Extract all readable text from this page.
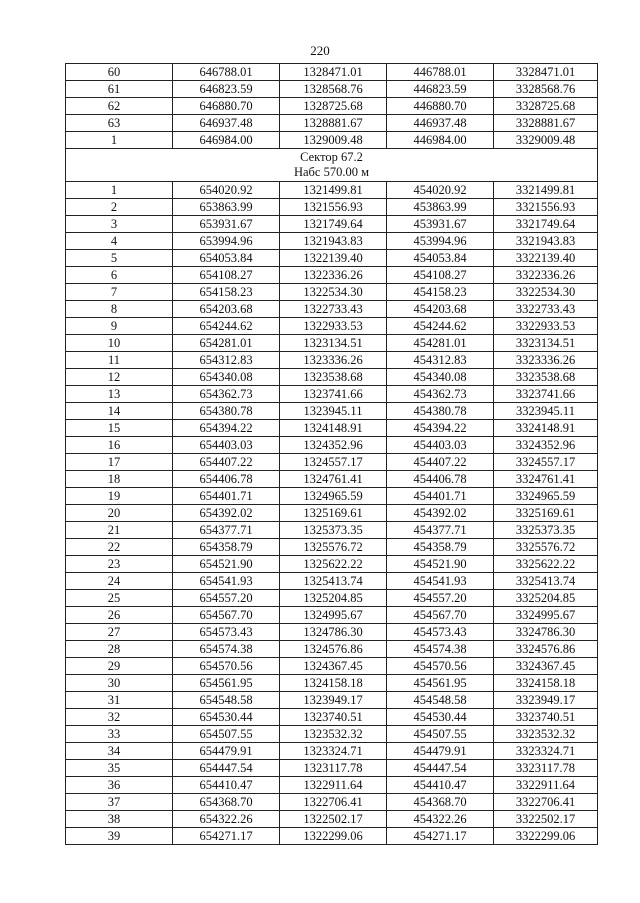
220
60	646788.01	1328471.01	446788.01	3328471.01
61	646823.59	1328568.76	446823.59	3328568.76
62	646880.70	1328725.68	446880.70	3328725.68
63	646937.48	1328881.67	446937.48	3328881.67
1	646984.00	1329009.48	446984.00	3329009.48

Сектор 67.2
Набс 570.00 м				

1	654020.92	1321499.81	454020.92	3321499.81
2	653863.99	1321556.93	453863.99	3321556.93
3	653931.67	1321749.64	453931.67	3321749.64
4	653994.96	1321943.83	453994.96	3321943.83
5	654053.84	1322139.40	454053.84	3322139.40
6	654108.27	1322336.26	454108.27	3322336.26
7	654158.23	1322534.30	454158.23	3322534.30
8	654203.68	1322733.43	454203.68	3322733.43
9	654244.62	1322933.53	454244.62	3322933.53
10	654281.01	1323134.51	454281.01	3323134.51
11	654312.83	1323336.26	454312.83	3323336.26
12	654340.08	1323538.68	454340.08	3323538.68
13	654362.73	1323741.66	454362.73	3323741.66
14	654380.78	1323945.11	454380.78	3323945.11
15	654394.22	1324148.91	454394.22	3324148.91
16	654403.03	1324352.96	454403.03	3324352.96
17	654407.22	1324557.17	454407.22	3324557.17
18	654406.78	1324761.41	454406.78	3324761.41
19	654401.71	1324965.59	454401.71	3324965.59
20	654392.02	1325169.61	454392.02	3325169.61
21	654377.71	1325373.35	454377.71	3325373.35
22	654358.79	1325576.72	454358.79	3325576.72
23	654521.90	1325622.22	454521.90	3325622.22
24	654541.93	1325413.74	454541.93	3325413.74
25	654557.20	1325204.85	454557.20	3325204.85
26	654567.70	1324995.67	454567.70	3324995.67
27	654573.43	1324786.30	454573.43	3324786.30
28	654574.38	1324576.86	454574.38	3324576.86
29	654570.56	1324367.45	454570.56	3324367.45
30	654561.95	1324158.18	454561.95	3324158.18
31	654548.58	1323949.17	454548.58	3323949.17
32	654530.44	1323740.51	454530.44	3323740.51
33	654507.55	1323532.32	454507.55	3323532.32
34	654479.91	1323324.71	454479.91	3323324.71
35	654447.54	1323117.78	454447.54	3323117.78
36	654410.47	1322911.64	454410.47	3322911.64
37	654368.70	1322706.41	454368.70	3322706.41
38	654322.26	1322502.17	454322.26	3322502.17
39	654271.17	1322299.06	454271.17	3322299.06
